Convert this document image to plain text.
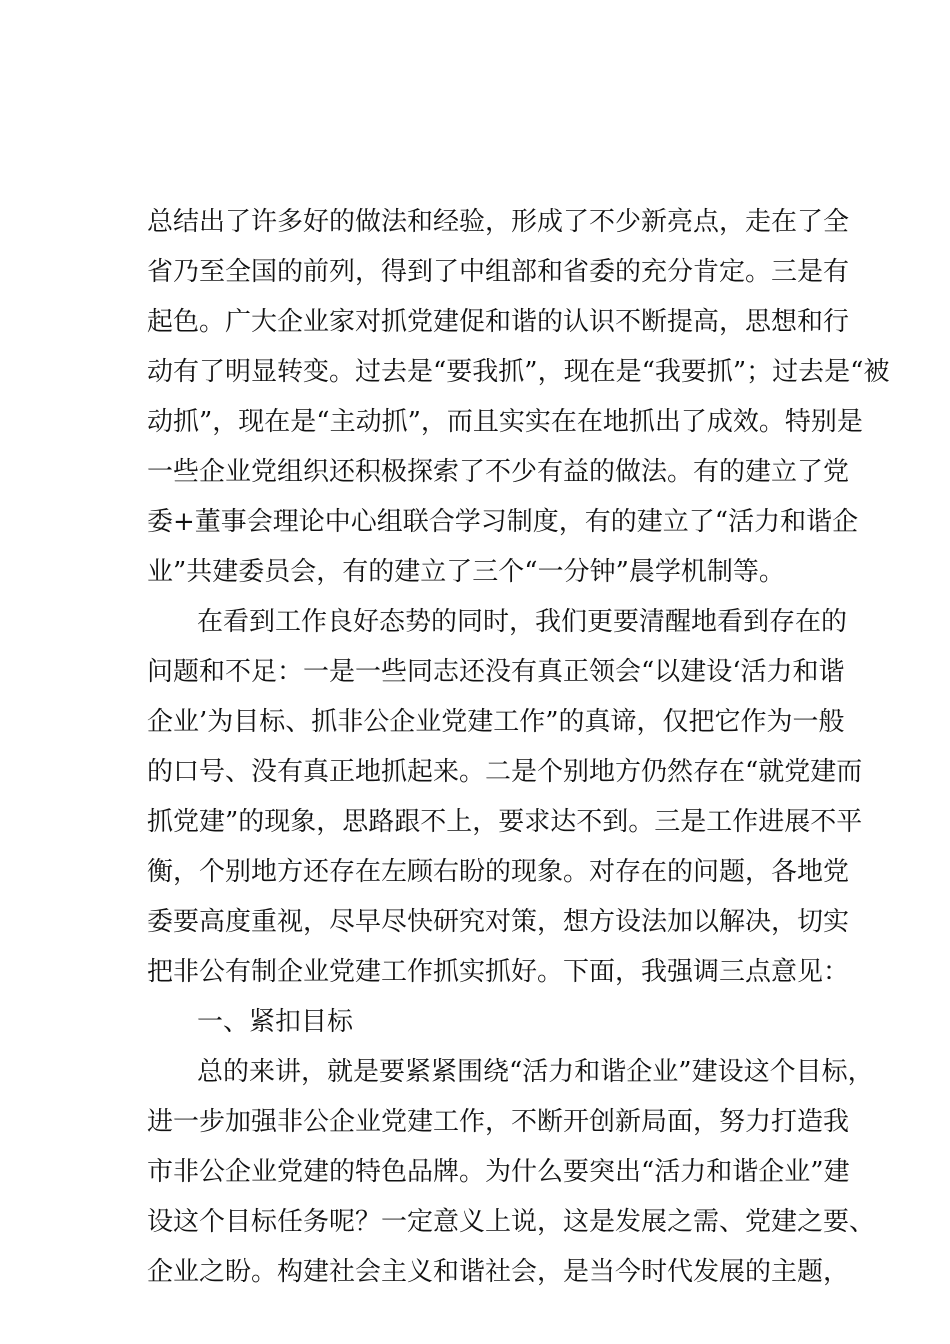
总结出了许多好的做法和经验，形成了不少新亮点，走在了全
省乃至全国的前列，得到了中组部和省委的充分肯定。三是有
起色。广大企业家对抓党建促和谐的认识不断提高，思想和行
动有了明显转变。过去是“要我抓”，现在是“我要抓”；过去是“被
动抓”，现在是“主动抓”，而且实实在在地抓出了成效。特别是
一些企业党组织还积极探索了不少有益的做法。有的建立了党
委+董事会理论中心组联合学习制度，有的建立了“活力和谐企
业”共建委员会，有的建立了三个“一分钟”晨学机制等。
在看到工作良好态势的同时，我们更要清醒地看到存在的
问题和不足：一是一些同志还没有真正领会“以建设‘活力和谐
企业’为目标、抓非公企业党建工作”的真谛，仅把它作为一般
的口号、没有真正地抓起来。二是个别地方仍然存在“就党建而
抓党建”的现象，思路跟不上，要求达不到。三是工作进展不平
衡，个别地方还存在左顾右盼的现象。对存在的问题，各地党
委要高度重视，尽早尽快研究对策，想方设法加以解决，切实
把非公有制企业党建工作抓实抓好。下面，我强调三点意见：
一、紧扣目标
总的来讲，就是要紧紧围绕“活力和谐企业”建设这个目标，
进一步加强非公企业党建工作，不断开创新局面，努力打造我
市非公企业党建的特色品牌。为什么要突出“活力和谐企业”建
设这个目标任务呢？一定意义上说，这是发展之需、党建之要、
企业之盼。构建社会主义和谐社会，是当今时代发展的主题，
